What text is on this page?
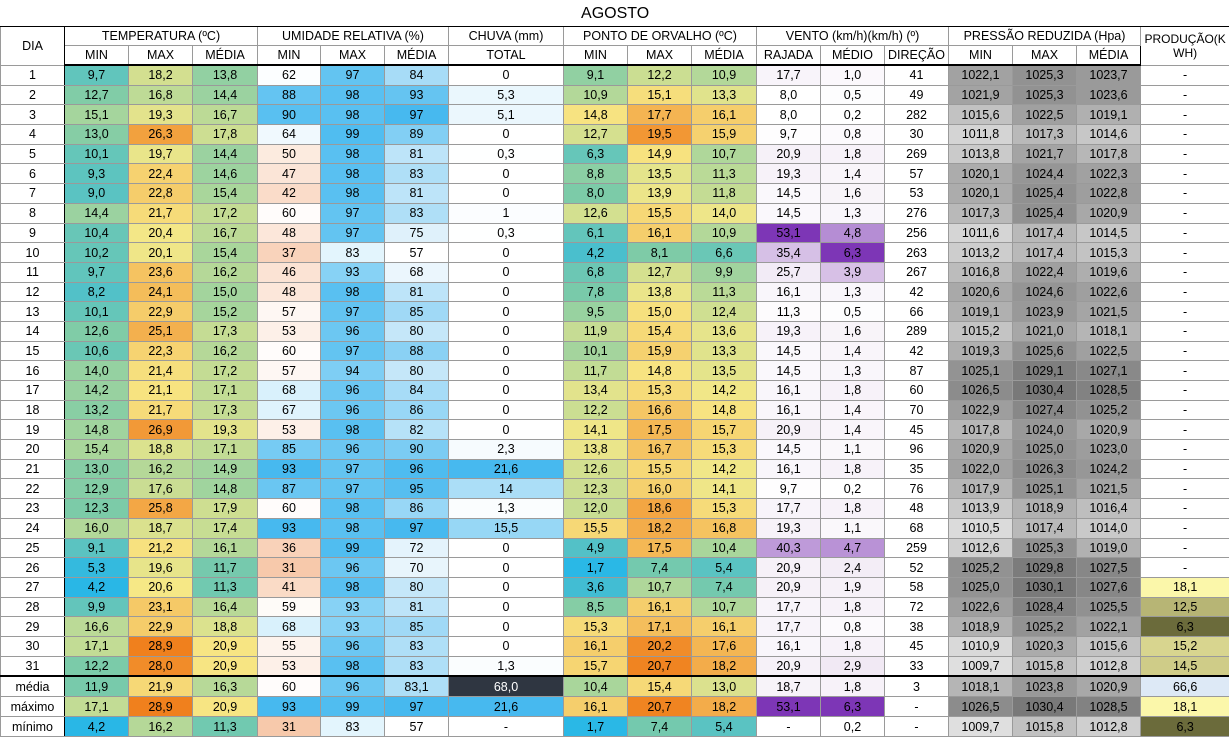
AGOSTO																	
DIA	TEMPERATURA (ºC)			UMIDADE RELATIVA (%)			CHUVA (mm)	PONTO DE ORVALHO (ºC)			VENTO (km/h)(km/h) (º)			PRESSÃO REDUZIDA (Hpa)			PRODUÇÃO(K WH)
	MIN	MAX	MÉDIA	MIN	MAX	MÉDIA	TOTAL	MIN	MAX	MÉDIA	RAJADA	MÉDIO	DIREÇÃO	MIN	MAX	MÉDIA	
1	9,7	18,2	13,8	62	97	84	0	9,1	12,2	10,9	17,7	1,0	41	1022,1	1025,3	1023,7	-
2	12,7	16,8	14,4	88	98	93	5,3	10,9	15,1	13,3	8,0	0,5	49	1021,9	1025,3	1023,6	-
3	15,1	19,3	16,7	90	98	97	5,1	14,8	17,7	16,1	8,0	0,2	282	1015,6	1022,5	1019,1	-
4	13,0	26,3	17,8	64	99	89	0	12,7	19,5	15,9	9,7	0,8	30	1011,8	1017,3	1014,6	-
5	10,1	19,7	14,4	50	98	81	0,3	6,3	14,9	10,7	20,9	1,8	269	1013,8	1021,7	1017,8	-
6	9,3	22,4	14,6	47	98	83	0	8,8	13,5	11,3	19,3	1,4	57	1020,1	1024,4	1022,3	-
7	9,0	22,8	15,4	42	98	81	0	8,0	13,9	11,8	14,5	1,6	53	1020,1	1025,4	1022,8	-
8	14,4	21,7	17,2	60	97	83	1	12,6	15,5	14,0	14,5	1,3	276	1017,3	1025,4	1020,9	-
9	10,4	20,4	16,7	48	97	75	0,3	6,1	16,1	10,9	53,1	4,8	256	1011,6	1017,4	1014,5	-
10	10,2	20,1	15,4	37	83	57	0	4,2	8,1	6,6	35,4	6,3	263	1013,2	1017,4	1015,3	-
11	9,7	23,6	16,2	46	93	68	0	6,8	12,7	9,9	25,7	3,9	267	1016,8	1022,4	1019,6	-
12	8,2	24,1	15,0	48	98	81	0	7,8	13,8	11,3	16,1	1,3	42	1020,6	1024,6	1022,6	-
13	10,1	22,9	15,2	57	97	85	0	9,5	15,0	12,4	11,3	0,5	66	1019,1	1023,9	1021,5	-
14	12,6	25,1	17,3	53	96	80	0	11,9	15,4	13,6	19,3	1,6	289	1015,2	1021,0	1018,1	-
15	10,6	22,3	16,2	60	97	88	0	10,1	15,9	13,3	14,5	1,4	42	1019,3	1025,6	1022,5	-
16	14,0	21,4	17,2	57	94	80	0	11,7	14,8	13,5	14,5	1,3	87	1025,1	1029,1	1027,1	-
17	14,2	21,1	17,1	68	96	84	0	13,4	15,3	14,2	16,1	1,8	60	1026,5	1030,4	1028,5	-
18	13,2	21,7	17,3	67	96	86	0	12,2	16,6	14,8	16,1	1,4	70	1022,9	1027,4	1025,2	-
19	14,8	26,9	19,3	53	98	82	0	14,1	17,5	15,7	20,9	1,4	45	1017,8	1024,0	1020,9	-
20	15,4	18,8	17,1	85	96	90	2,3	13,8	16,7	15,3	14,5	1,1	96	1020,9	1025,0	1023,0	-
21	13,0	16,2	14,9	93	97	96	21,6	12,6	15,5	14,2	16,1	1,8	35	1022,0	1026,3	1024,2	-
22	12,9	17,6	14,8	87	97	95	14	12,3	16,0	14,1	9,7	0,2	76	1017,9	1025,1	1021,5	-
23	12,3	25,8	17,9	60	98	86	1,3	12,0	18,6	15,3	17,7	1,8	48	1013,9	1018,9	1016,4	-
24	16,0	18,7	17,4	93	98	97	15,5	15,5	18,2	16,8	19,3	1,1	68	1010,5	1017,4	1014,0	-
25	9,1	21,2	16,1	36	99	72	0	4,9	17,5	10,4	40,3	4,7	259	1012,6	1025,3	1019,0	-
26	5,3	19,6	11,7	31	96	70	0	1,7	7,4	5,4	20,9	2,4	52	1025,2	1029,8	1027,5	-
27	4,2	20,6	11,3	41	98	80	0	3,6	10,7	7,4	20,9	1,9	58	1025,0	1030,1	1027,6	18,1
28	9,9	23,1	16,4	59	93	81	0	8,5	16,1	10,7	17,7	1,8	72	1022,6	1028,4	1025,5	12,5
29	16,6	22,9	18,8	68	93	85	0	15,3	17,1	16,1	17,7	0,8	38	1018,9	1025,2	1022,1	6,3
30	17,1	28,9	20,9	55	96	83	0	16,1	20,2	17,6	16,1	1,8	45	1010,9	1020,3	1015,6	15,2
31	12,2	28,0	20,9	53	98	83	1,3	15,7	20,7	18,2	20,9	2,9	33	1009,7	1015,8	1012,8	14,5
média	11,9	21,9	16,3	60	96	83,1	68,0	10,4	15,4	13,0	18,7	1,8	3	1018,1	1023,8	1020,9	66,6
máximo	17,1	28,9	20,9	93	99	97	21,6	16,1	20,7	18,2	53,1	6,3	-	1026,5	1030,4	1028,5	18,1
mínimo	4,2	16,2	11,3	31	83	57	-	1,7	7,4	5,4	-	0,2	-	1009,7	1015,8	1012,8	6,3
